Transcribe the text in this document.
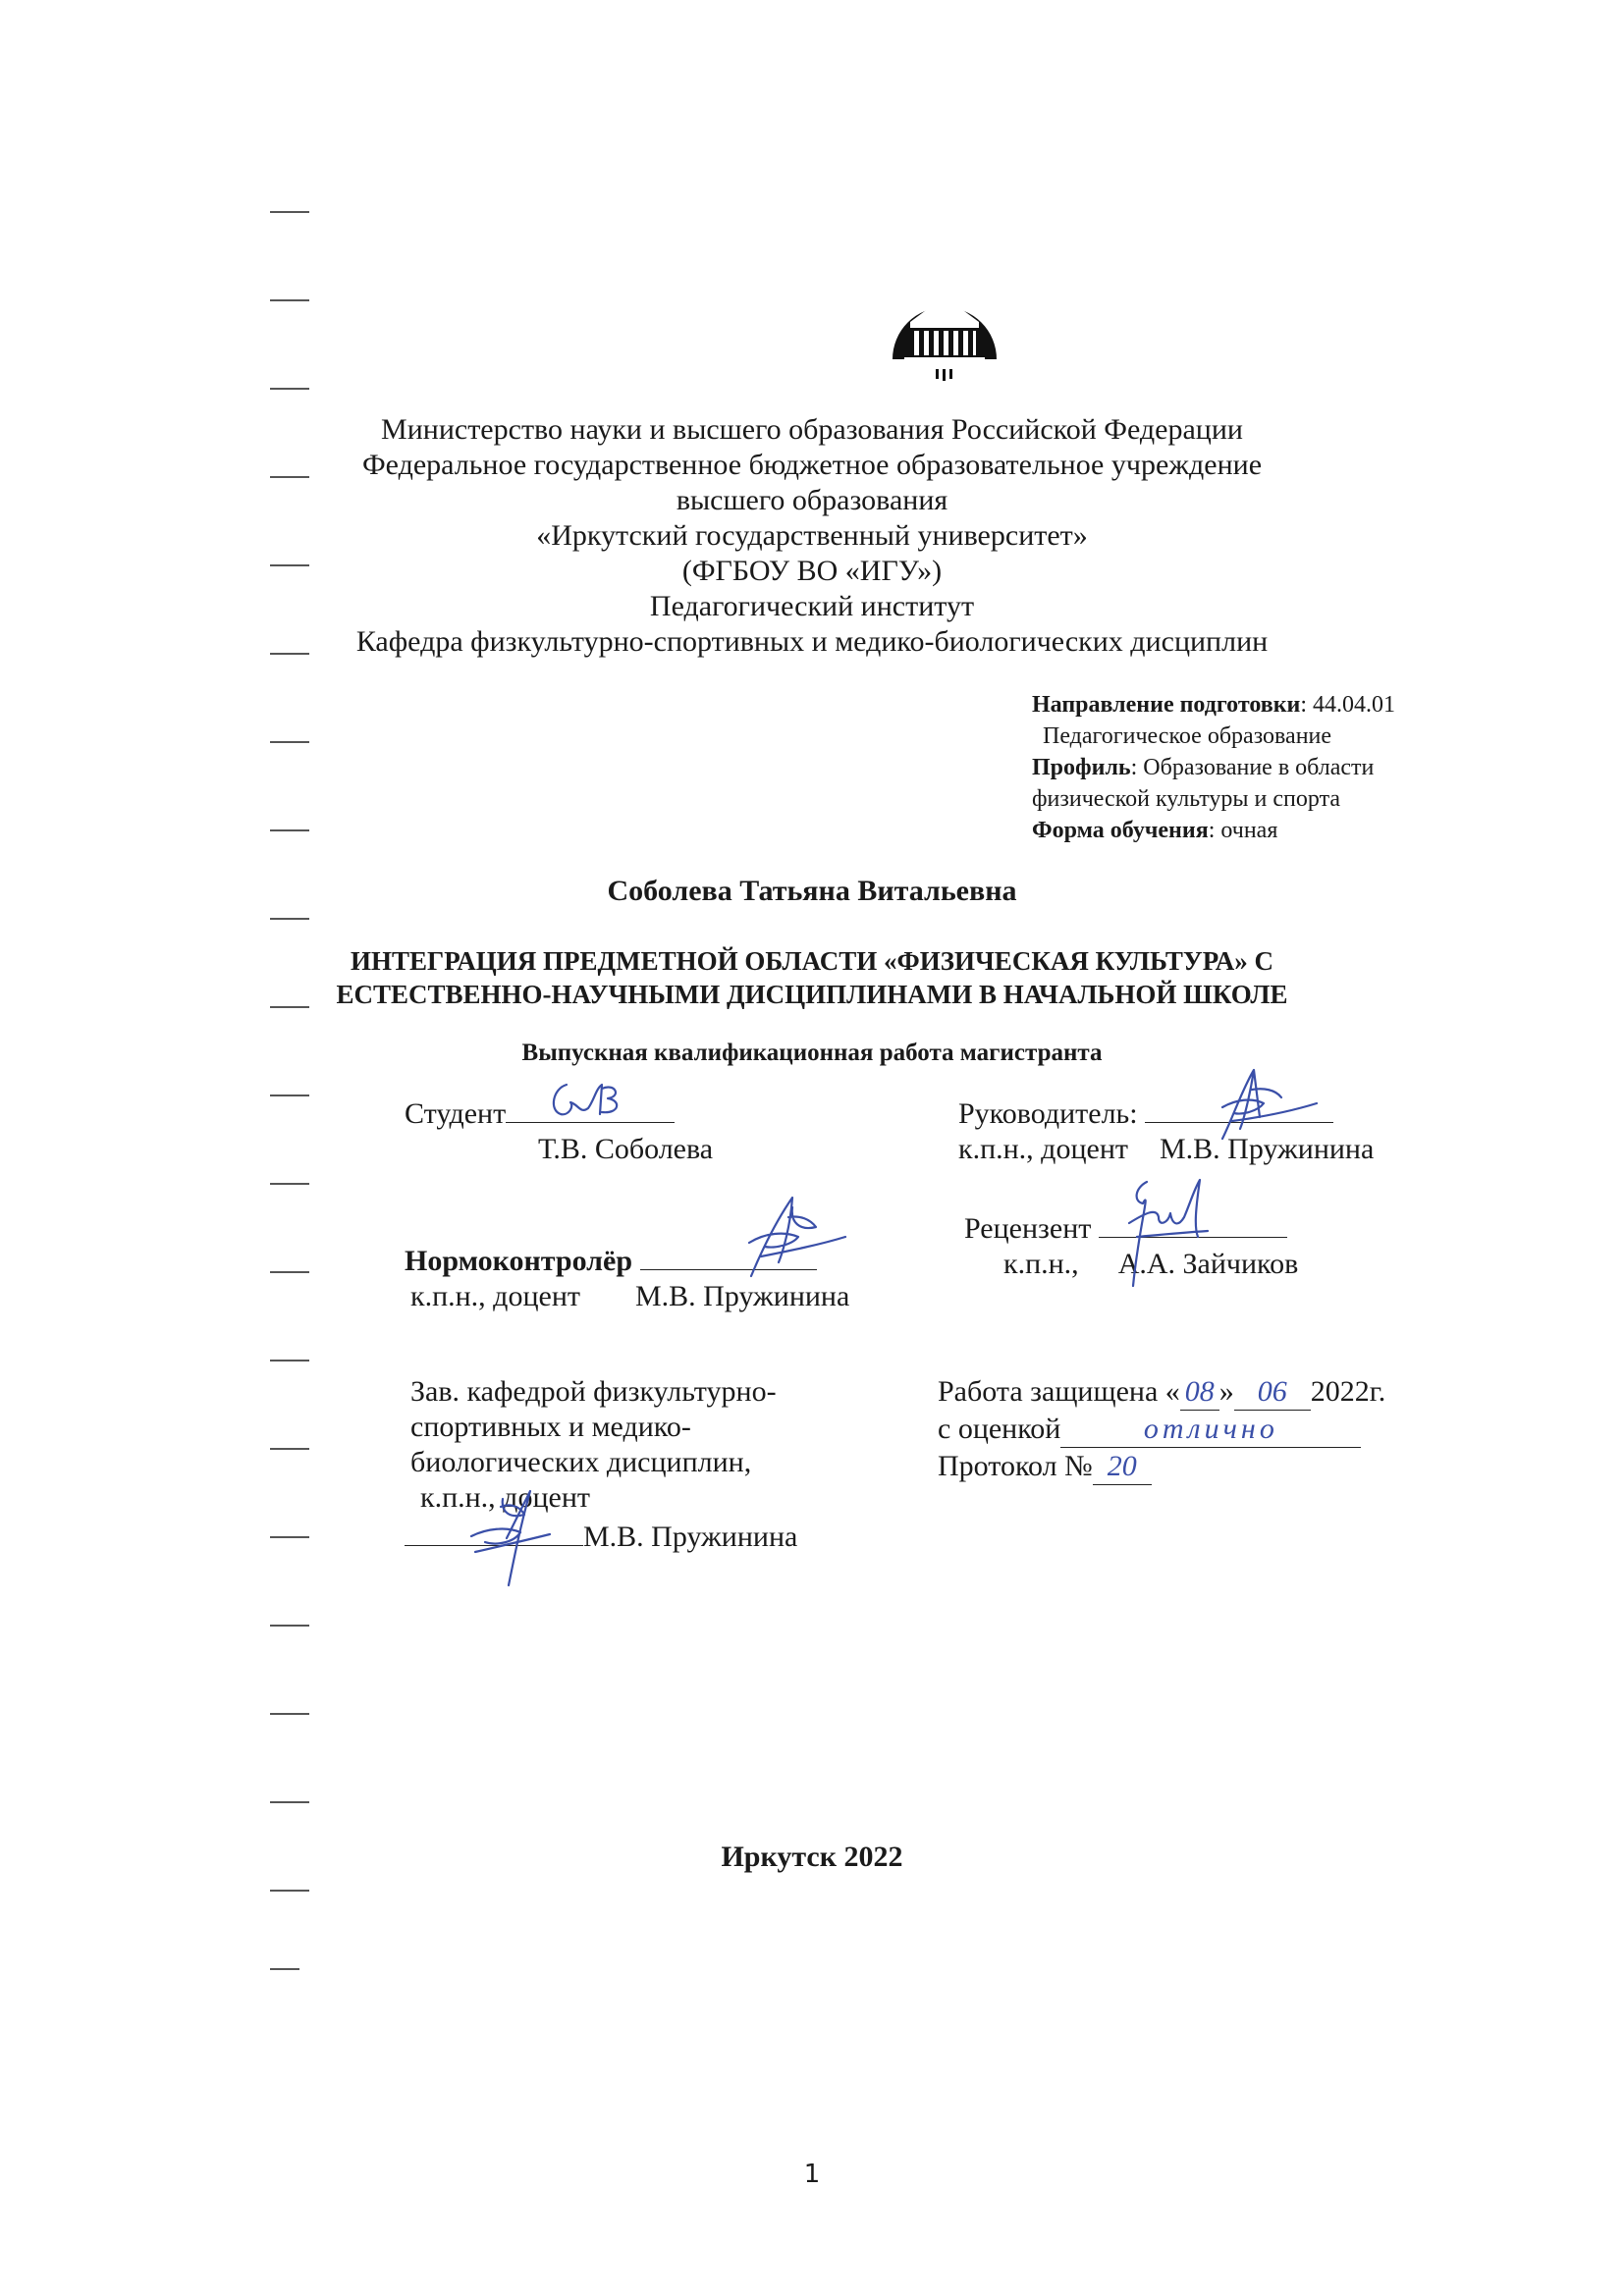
Министерство науки и высшего образования Российской Федерации
Федеральное государственное бюджетное образовательное учреждение
высшего образования
«Иркутский государственный университет»
(ФГБОУ ВО «ИГУ»)
Педагогический институт
Кафедра физкультурно-спортивных и медико-биологических дисциплин
Направление подготовки: 44.04.01
Педагогическое образование
Профиль: Образование в области
физической культуры и спорта
Форма обучения: очная
Соболева Татьяна Витальевна
ИНТЕГРАЦИЯ ПРЕДМЕТНОЙ ОБЛАСТИ «ФИЗИЧЕСКАЯ КУЛЬТУРА» С
ЕСТЕСТВЕННО-НАУЧНЫМИ ДИСЦИПЛИНАМИ В НАЧАЛЬНОЙ ШКОЛЕ
Выпускная квалификационная работа магистранта
Студент
Т.В. Соболева
Руководитель:
к.п.н., доцент М.В. Пружинина
Рецензент
к.п.н., А.А. Зайчиков
Нормоконтролёр
к.п.н., доцент М.В. Пружинина
Зав. кафедрой физкультурно-
спортивных и медико-
биологических дисциплин,
к.п.н., доцент
М.В. Пружинина
Работа защищена « 08 » 06 2022г.
с оценкой	отлично
Протокол № 20
Иркутск 2022
1
